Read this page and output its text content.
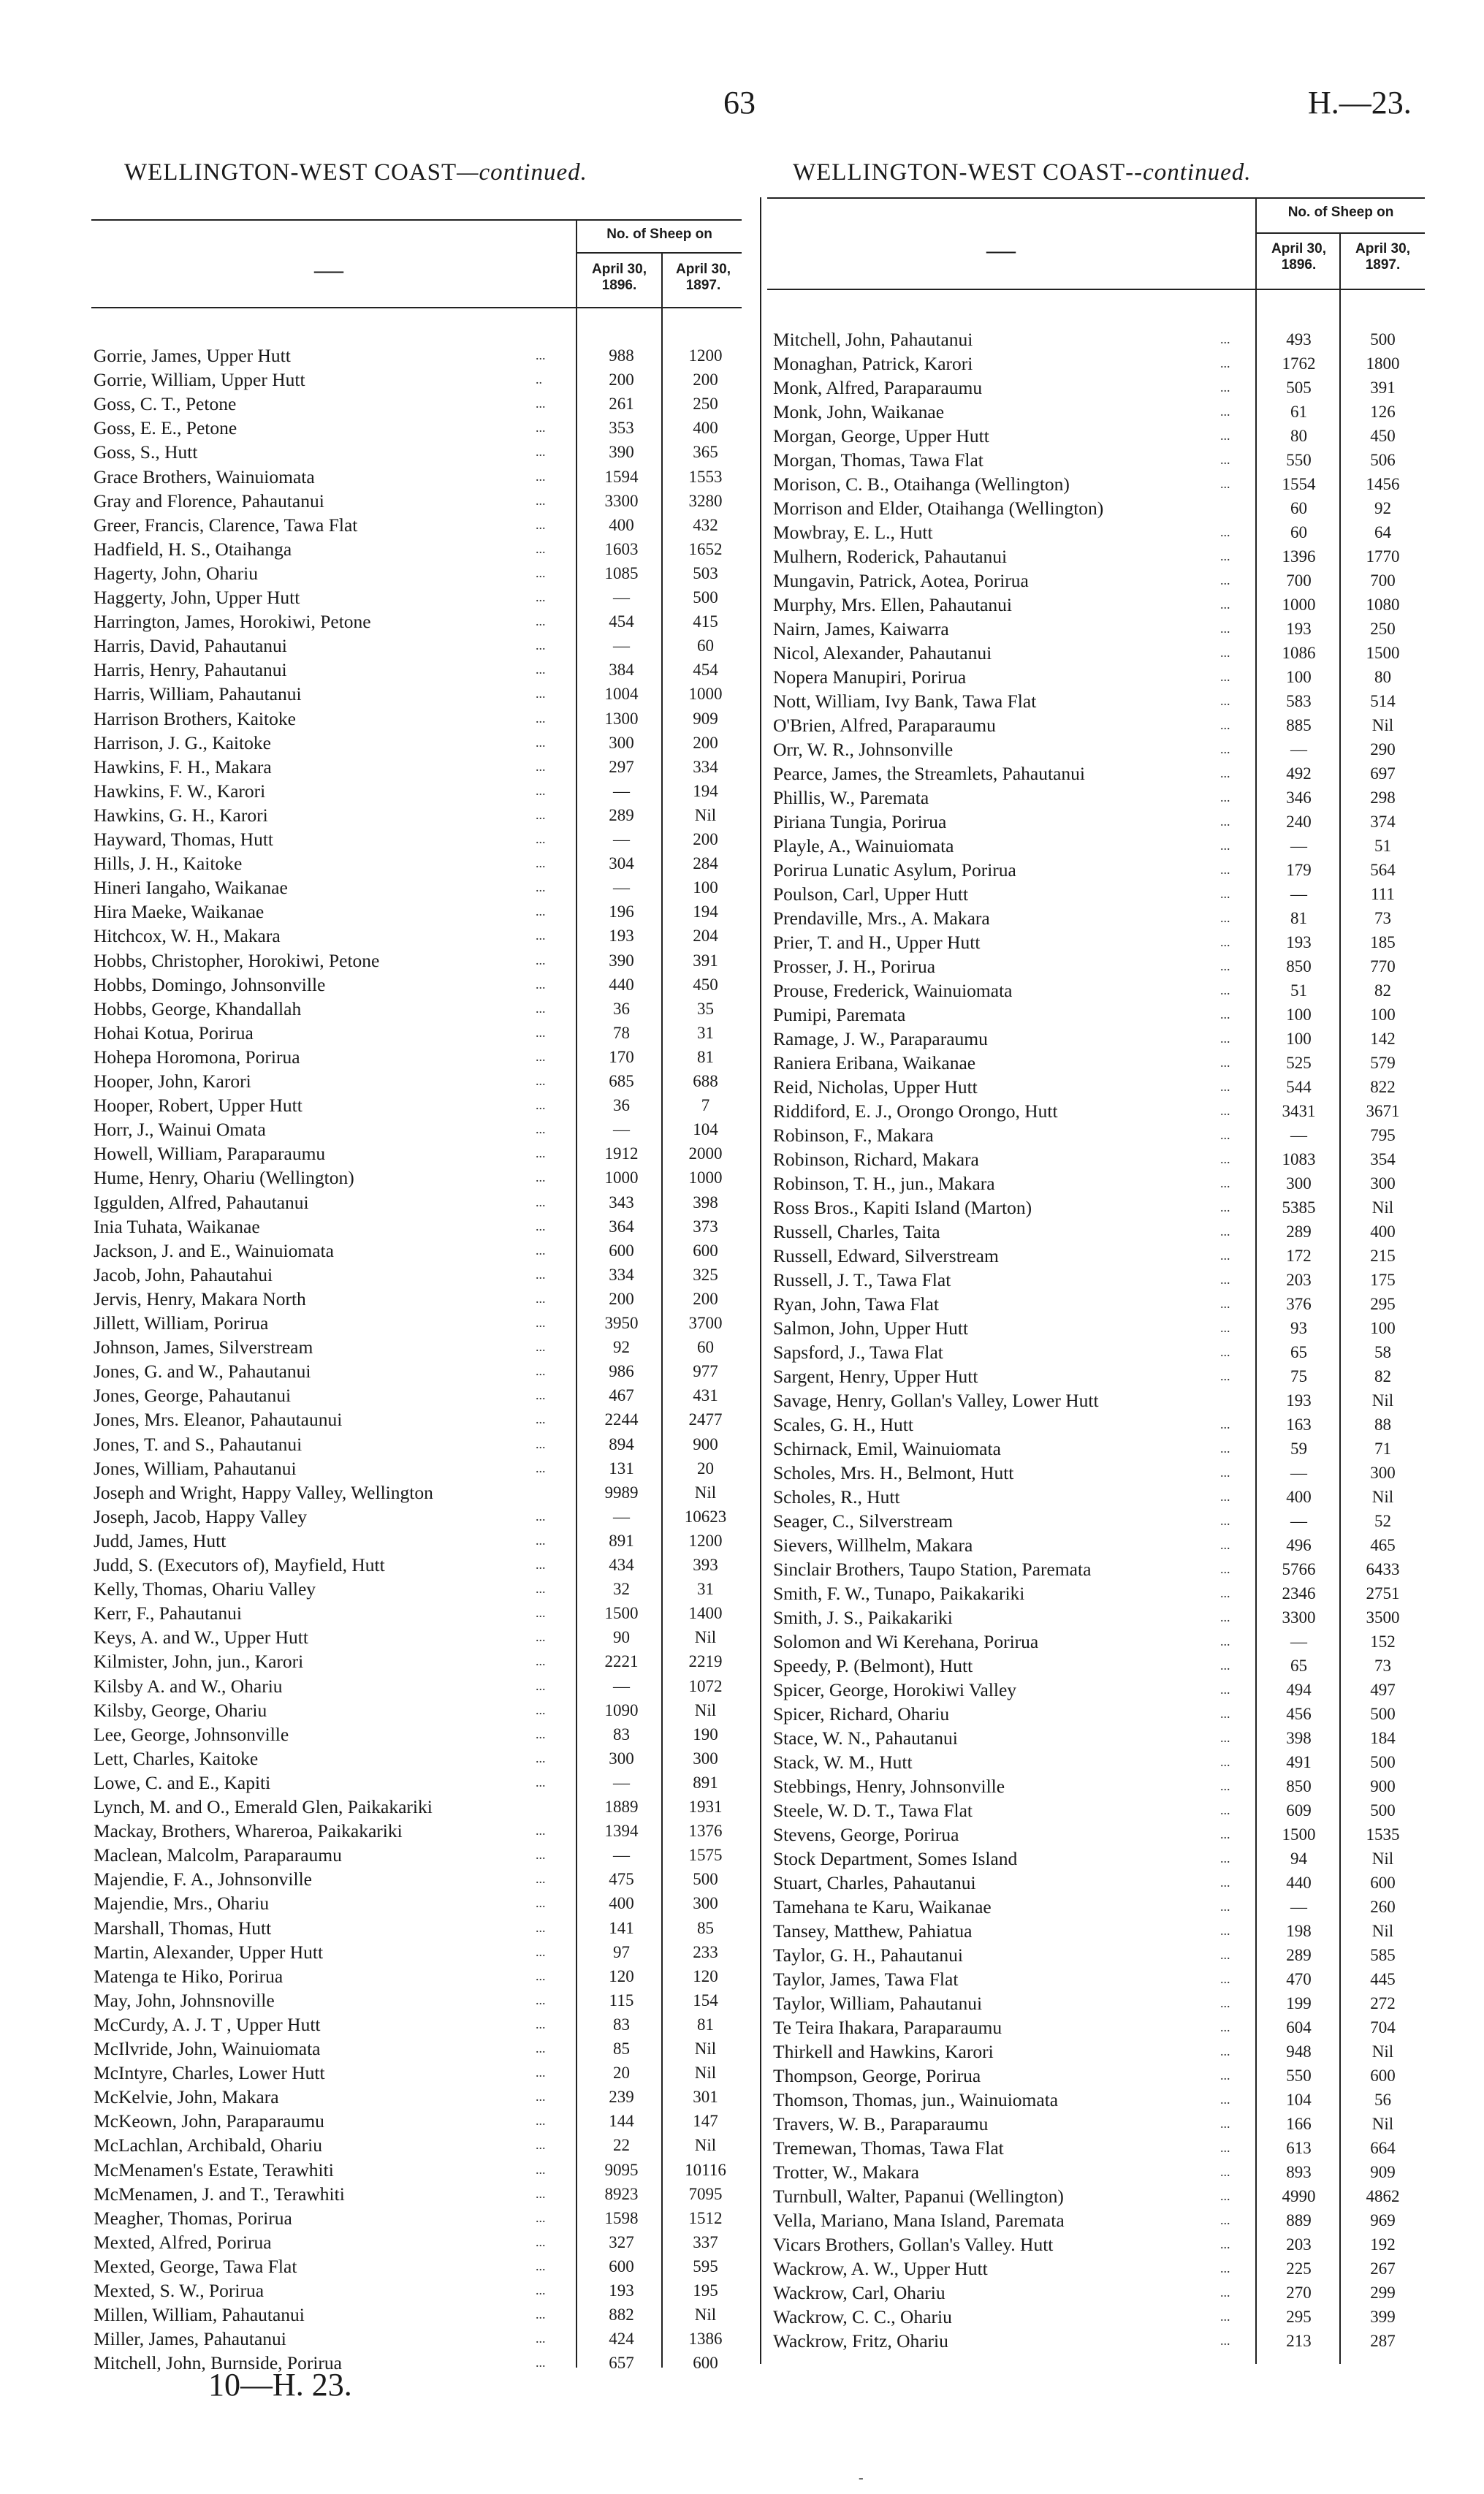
63	H.—23.
WELLINGTON-WEST COAST—continued.
—
No. of Sheep on
April 30,
1896.
April 30,
1897.
WELLINGTON-WEST COAST--continued.
—
No. of Sheep on
April 30,
1896.
April 30,
1897.
Gorrie, James, Upper Hutt	...	988	1200
Gorrie, William, Upper Hutt	..	200	200
Goss, C. T., Petone	...	261	250
Goss, E. E., Petone	...	353	400
Goss, S., Hutt	...	390	365
Grace Brothers, Wainuiomata	...	1594	1553
Gray and Florence, Pahautanui	...	3300	3280
Greer, Francis, Clarence, Tawa Flat	...	400	432
Hadfield, H. S., Otaihanga	...	1603	1652
Hagerty, John, Ohariu	...	1085	503
Haggerty, John, Upper Hutt	...	—	500
Harrington, James, Horokiwi, Petone	...	454	415
Harris, David, Pahautanui	...	—	60
Harris, Henry, Pahautanui	...	384	454
Harris, William, Pahautanui	...	1004	1000
Harrison Brothers, Kaitoke	...	1300	909
Harrison, J. G., Kaitoke	...	300	200
Hawkins, F. H., Makara	...	297	334
Hawkins, F. W., Karori	...	—	194
Hawkins, G. H., Karori	...	289	Nil
Hayward, Thomas, Hutt	...	—	200
Hills, J. H., Kaitoke	...	304	284
Hineri Iangaho, Waikanae	...	—	100
Hira Maeke, Waikanae	...	196	194
Hitchcox, W. H., Makara	...	193	204
Hobbs, Christopher, Horokiwi, Petone	...	390	391
Hobbs, Domingo, Johnsonville	...	440	450
Hobbs, George, Khandallah	...	36	35
Hohai Kotua, Porirua	...	78	31
Hohepa Horomona, Porirua	...	170	81
Hooper, John, Karori	...	685	688
Hooper, Robert, Upper Hutt	...	36	7
Horr, J., Wainui Omata	...	—	104
Howell, William, Paraparaumu	...	1912	2000
Hume, Henry, Ohariu (Wellington)	...	1000	1000
Iggulden, Alfred, Pahautanui	...	343	398
Inia Tuhata, Waikanae	...	364	373
Jackson, J. and E., Wainuiomata	...	600	600
Jacob, John, Pahautahui	...	334	325
Jervis, Henry, Makara North	...	200	200
Jillett, William, Porirua	...	3950	3700
Johnson, James, Silverstream	...	92	60
Jones, G. and W., Pahautanui	...	986	977
Jones, George, Pahautanui	...	467	431
Jones, Mrs. Eleanor, Pahautaunui	...	2244	2477
Jones, T. and S., Pahautanui	...	894	900
Jones, William, Pahautanui	...	131	20
Joseph and Wright, Happy Valley, Wellington	9989	Nil
Joseph, Jacob, Happy Valley	...	—	10623
Judd, James, Hutt	...	891	1200
Judd, S. (Executors of), Mayfield, Hutt	...	434	393
Kelly, Thomas, Ohariu Valley	...	32	31
Kerr, F., Pahautanui	...	1500	1400
Keys, A. and W., Upper Hutt	...	90	Nil
Kilmister, John, jun., Karori	...	2221	2219
Kilsby A. and W., Ohariu	...	—	1072
Kilsby, George, Ohariu	...	1090	Nil
Lee, George, Johnsonville	...	83	190
Lett, Charles, Kaitoke	...	300	300
Lowe, C. and E., Kapiti	...	—	891
Lynch, M. and O., Emerald Glen, Paikakariki	1889	1931
Mackay, Brothers, Whareroa, Paikakariki	...	1394	1376
Maclean, Malcolm, Paraparaumu	...	—	1575
Majendie, F. A., Johnsonville	...	475	500
Majendie, Mrs., Ohariu	...	400	300
Marshall, Thomas, Hutt	...	141	85
Martin, Alexander, Upper Hutt	...	97	233
Matenga te Hiko, Porirua	...	120	120
May, John, Johnsnoville	...	115	154
McCurdy, A. J. T , Upper Hutt	...	83	81
McIlvride, John, Wainuiomata	...	85	Nil
McIntyre, Charles, Lower Hutt	...	20	Nil
McKelvie, John, Makara	...	239	301
McKeown, John, Paraparaumu	...	144	147
McLachlan, Archibald, Ohariu	...	22	Nil
McMenamen's Estate, Terawhiti	...	9095	10116
McMenamen, J. and T., Terawhiti	...	8923	7095
Meagher, Thomas, Porirua	...	1598	1512
Mexted, Alfred, Porirua	...	327	337
Mexted, George, Tawa Flat	...	600	595
Mexted, S. W., Porirua	...	193	195
Millen, William, Pahautanui	...	882	Nil
Miller, James, Pahautanui	...	424	1386
Mitchell, John, Burnside, Porirua	...	657	600
Mitchell, John, Pahautanui	...	493	500
Monaghan, Patrick, Karori	...	1762	1800
Monk, Alfred, Paraparaumu	...	505	391
Monk, John, Waikanae	...	61	126
Morgan, George, Upper Hutt	...	80	450
Morgan, Thomas, Tawa Flat	...	550	506
Morison, C. B., Otaihanga (Wellington)	...	1554	1456
Morrison and Elder, Otaihanga (Wellington)	60	92
Mowbray, E. L., Hutt	...	60	64
Mulhern, Roderick, Pahautanui	...	1396	1770
Mungavin, Patrick, Aotea, Porirua	...	700	700
Murphy, Mrs. Ellen, Pahautanui	...	1000	1080
Nairn, James, Kaiwarra	...	193	250
Nicol, Alexander, Pahautanui	...	1086	1500
Nopera Manupiri, Porirua	...	100	80
Nott, William, Ivy Bank, Tawa Flat	...	583	514
O'Brien, Alfred, Paraparaumu	...	885	Nil
Orr, W. R., Johnsonville	...	—	290
Pearce, James, the Streamlets, Pahautanui	...	492	697
Phillis, W., Paremata	...	346	298
Piriana Tungia, Porirua	...	240	374
Playle, A., Wainuiomata	...	—	51
Porirua Lunatic Asylum, Porirua	...	179	564
Poulson, Carl, Upper Hutt	...	—	111
Prendaville, Mrs., A. Makara	...	81	73
Prier, T. and H., Upper Hutt	...	193	185
Prosser, J. H., Porirua	...	850	770
Prouse, Frederick, Wainuiomata	...	51	82
Pumipi, Paremata	...	100	100
Ramage, J. W., Paraparaumu	...	100	142
Raniera Eribana, Waikanae	...	525	579
Reid, Nicholas, Upper Hutt	...	544	822
Riddiford, E. J., Orongo Orongo, Hutt	...	3431	3671
Robinson, F., Makara	...	—	795
Robinson, Richard, Makara	...	1083	354
Robinson, T. H., jun., Makara	...	300	300
Ross Bros., Kapiti Island (Marton)	...	5385	Nil
Russell, Charles, Taita	...	289	400
Russell, Edward, Silverstream	...	172	215
Russell, J. T., Tawa Flat	...	203	175
Ryan, John, Tawa Flat	...	376	295
Salmon, John, Upper Hutt	...	93	100
Sapsford, J., Tawa Flat	...	65	58
Sargent, Henry, Upper Hutt	...	75	82
Savage, Henry, Gollan's Valley, Lower Hutt	193	Nil
Scales, G. H., Hutt	...	163	88
Schirnack, Emil, Wainuiomata	...	59	71
Scholes, Mrs. H., Belmont, Hutt	...	—	300
Scholes, R., Hutt	...	400	Nil
Seager, C., Silverstream	...	—	52
Sievers, Willhelm, Makara	...	496	465
Sinclair Brothers, Taupo Station, Paremata	...	5766	6433
Smith, F. W., Tunapo, Paikakariki	...	2346	2751
Smith, J. S., Paikakariki	...	3300	3500
Solomon and Wi Kerehana, Porirua	...	—	152
Speedy, P. (Belmont), Hutt	...	65	73
Spicer, George, Horokiwi Valley	...	494	497
Spicer, Richard, Ohariu	...	456	500
Stace, W. N., Pahautanui	...	398	184
Stack, W. M., Hutt	...	491	500
Stebbings, Henry, Johnsonville	...	850	900
Steele, W. D. T., Tawa Flat	...	609	500
Stevens, George, Porirua	...	1500	1535
Stock Department, Somes Island	...	94	Nil
Stuart, Charles, Pahautanui	...	440	600
Tamehana te Karu, Waikanae	...	—	260
Tansey, Matthew, Pahiatua	...	198	Nil
Taylor, G. H., Pahautanui	...	289	585
Taylor, James, Tawa Flat	...	470	445
Taylor, William, Pahautanui	...	199	272
Te Teira Ihakara, Paraparaumu	...	604	704
Thirkell and Hawkins, Karori	...	948	Nil
Thompson, George, Porirua	...	550	600
Thomson, Thomas, jun., Wainuiomata	...	104	56
Travers, W. B., Paraparaumu	...	166	Nil
Tremewan, Thomas, Tawa Flat	...	613	664
Trotter, W., Makara	...	893	909
Turnbull, Walter, Papanui (Wellington)	...	4990	4862
Vella, Mariano, Mana Island, Paremata	...	889	969
Vicars Brothers, Gollan's Valley. Hutt	...	203	192
Wackrow, A. W., Upper Hutt	...	225	267
Wackrow, Carl, Ohariu	...	270	299
Wackrow, C. C., Ohariu	...	295	399
Wackrow, Fritz, Ohariu	...	213	287
10—H. 23.
-
